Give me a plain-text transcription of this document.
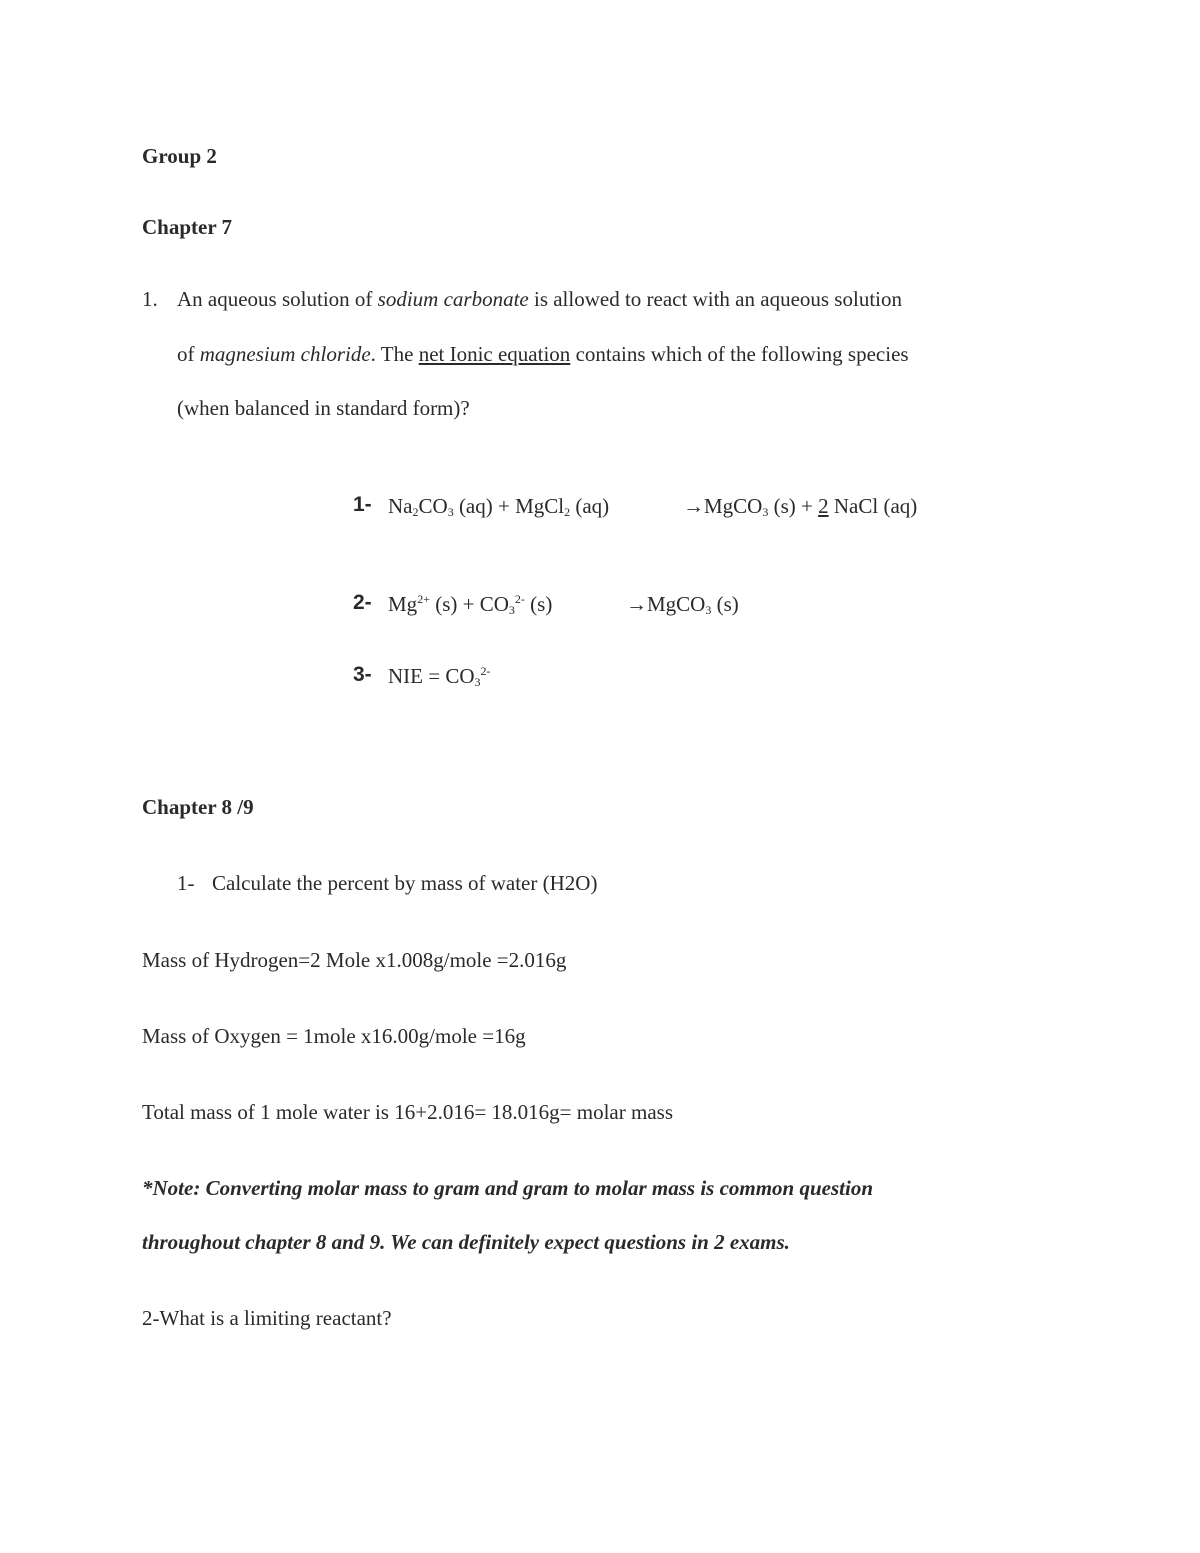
Group 2
Chapter 7
1. An aqueous solution of sodium carbonate is allowed to react with an aqueous solution
of magnesium chloride. The net Ionic equation contains which of the following species
(when balanced in standard form)?
1- $Na_2CO_3$ (aq) + MgCl$_2$ (aq)	→MgCO$_3$ (s) + 2 NaCl (aq)
2- $Mg^{2+}$ $(s) + CO_3^{2-}$ (s)	→MgCO$_3$ (s)
3- NIE = $CO_3^{2-}$
Chapter 8 /9
1- Calculate the percent by mass of water (H2O)
Mass of Hydrogen=2 Mole x1.008g/mole =2.016g
Mass of Oxygen = 1mole x16.00g/mole =16g
Total mass of 1 mole water is 16+2.016= 18.016g= molar mass
*Note: Converting molar mass to gram and gram to molar mass is common question
throughout chapter 8 and 9. We can definitely expect questions in 2 exams.
2-What is a limiting reactant?
